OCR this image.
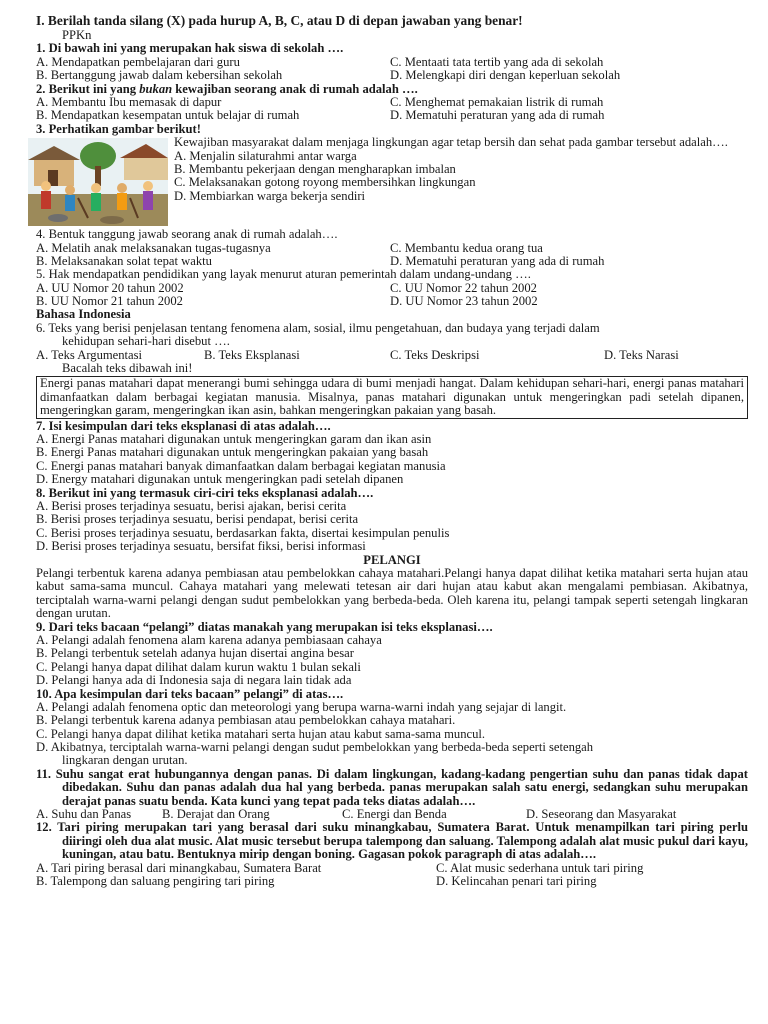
I. Berilah tanda silang (X) pada hurup A, B, C, atau D di depan jawaban yang benar!
PPKn
1. Di bawah ini yang merupakan hak siswa di sekolah ….
A. Mendapatkan pembelajaran dari guru	C. Mentaati tata tertib yang ada di sekolah
B. Bertanggung jawab dalam kebersihan sekolah	D. Melengkapi diri dengan keperluan sekolah
2. Berikut ini yang bukan kewajiban seorang anak di rumah adalah ….
A. Membantu Ibu memasak di dapur	C. Menghemat pemakaian listrik di rumah
B. Mendapatkan kesempatan untuk belajar di rumah	D. Mematuhi peraturan yang ada di rumah
3. Perhatikan gambar berikut!
Kewajiban masyarakat dalam menjaga lingkungan agar tetap bersih dan sehat pada gambar tersebut adalah….
A. Menjalin silaturahmi antar warga
B. Membantu pekerjaan dengan mengharapkan imbalan
C. Melaksanakan gotong royong membersihkan lingkungan
D. Membiarkan warga bekerja sendiri
4. Bentuk tanggung jawab seorang anak di rumah adalah….
A. Melatih anak melaksanakan tugas-tugasnya	C. Membantu kedua orang tua
B. Melaksanakan solat tepat waktu	D. Mematuhi peraturan yang ada di rumah
5. Hak mendapatkan pendidikan yang layak menurut aturan pemerintah dalam undang-undang ….
A. UU Nomor 20 tahun 2002	C. UU Nomor 22 tahun 2002
B. UU Nomor 21 tahun 2002	D. UU Nomor 23 tahun 2002
Bahasa Indonesia
6. Teks yang berisi penjelasan tentang fenomena alam, sosial, ilmu pengetahuan, dan budaya yang terjadi dalam
kehidupan sehari-hari disebut ….
A. Teks Argumentasi	B. Teks Eksplanasi	C. Teks Deskripsi	D. Teks Narasi
Bacalah teks dibawah ini!
Energi panas matahari dapat menerangi bumi sehingga udara di bumi menjadi hangat. Dalam kehidupan sehari-hari, energi panas matahari dimanfaatkan dalam berbagai kegiatan manusia. Misalnya, panas matahari digunakan untuk mengeringkan padi setelah dipanen, mengeringkan garam, mengeringkan ikan asin, bahkan mengeringkan pakaian yang basah.
7. Isi kesimpulan dari teks eksplanasi di atas adalah….
A. Energi Panas matahari digunakan untuk mengeringkan garam dan ikan asin
B. Energi Panas matahari digunakan untuk mengeringkan pakaian yang basah
C. Energi panas matahari banyak dimanfaatkan dalam berbagai kegiatan manusia
D. Energy matahari digunakan untuk mengeringkan padi setelah dipanen
8. Berikut ini yang termasuk ciri-ciri teks eksplanasi adalah….
A. Berisi proses terjadinya sesuatu, berisi ajakan, berisi cerita
B. Berisi proses terjadinya sesuatu, berisi pendapat, berisi cerita
C. Berisi proses terjadinya sesuatu, berdasarkan fakta, disertai kesimpulan penulis
D. Berisi proses terjadinya sesuatu, bersifat fiksi, berisi informasi
PELANGI
Pelangi terbentuk karena adanya pembiasan atau pembelokkan cahaya matahari.Pelangi hanya dapat dilihat ketika matahari serta hujan atau kabut sama-sama muncul. Cahaya matahari yang melewati tetesan air dari hujan atau kabut akan mengalami pembiasan. Akibatnya, terciptalah warna-warni pelangi dengan sudut pembelokkan yang berbeda-beda. Oleh karena itu, pelangi tampak seperti setengah lingkaran dengan urutan.
9. Dari teks bacaan “pelangi” diatas manakah yang merupakan isi teks eksplanasi….
A. Pelangi adalah fenomena alam karena adanya pembiasaan cahaya
B. Pelangi terbentuk setelah adanya hujan disertai angina besar
C. Pelangi hanya dapat dilihat dalam kurun waktu 1 bulan sekali
D. Pelangi hanya ada di Indonesia saja di negara lain tidak ada
10. Apa kesimpulan dari teks bacaan” pelangi” di atas….
A. Pelangi adalah fenomena optic dan meteorologi yang berupa warna-warni indah yang sejajar di langit.
B. Pelangi terbentuk karena adanya pembiasan atau pembelokkan cahaya matahari.
C. Pelangi hanya dapat dilihat ketika matahari serta hujan atau kabut sama-sama muncul.
D. Akibatnya, terciptalah warna-warni pelangi dengan sudut pembelokkan yang berbeda-beda seperti setengah
lingkaran dengan urutan.
11. Suhu sangat erat hubungannya dengan panas. Di dalam lingkungan, kadang-kadang pengertian suhu dan panas tidak dapat dibedakan. Suhu dan panas adalah dua hal yang berbeda. panas merupakan salah satu energi, sedangkan suhu merupakan derajat panas suatu benda. Kata kunci yang tepat pada teks diatas adalah….
A. Suhu dan Panas B. Derajat dan Orang	C. Energi dan Benda	D. Seseorang dan Masyarakat
12. Tari piring merupakan tari yang berasal dari suku minangkabau, Sumatera Barat. Untuk menampilkan tari piring perlu diiringi oleh dua alat music. Alat music tersebut berupa talempong dan saluang. Talempong adalah alat music pukul dari kayu, kuningan, atau batu. Bentuknya mirip dengan boning. Gagasan pokok paragraph di atas adalah….
A. Tari piring berasal dari minangkabau, Sumatera Barat	C. Alat music sederhana untuk tari piring
B. Talempong dan saluang pengiring tari piring	D. Kelincahan penari tari piring
